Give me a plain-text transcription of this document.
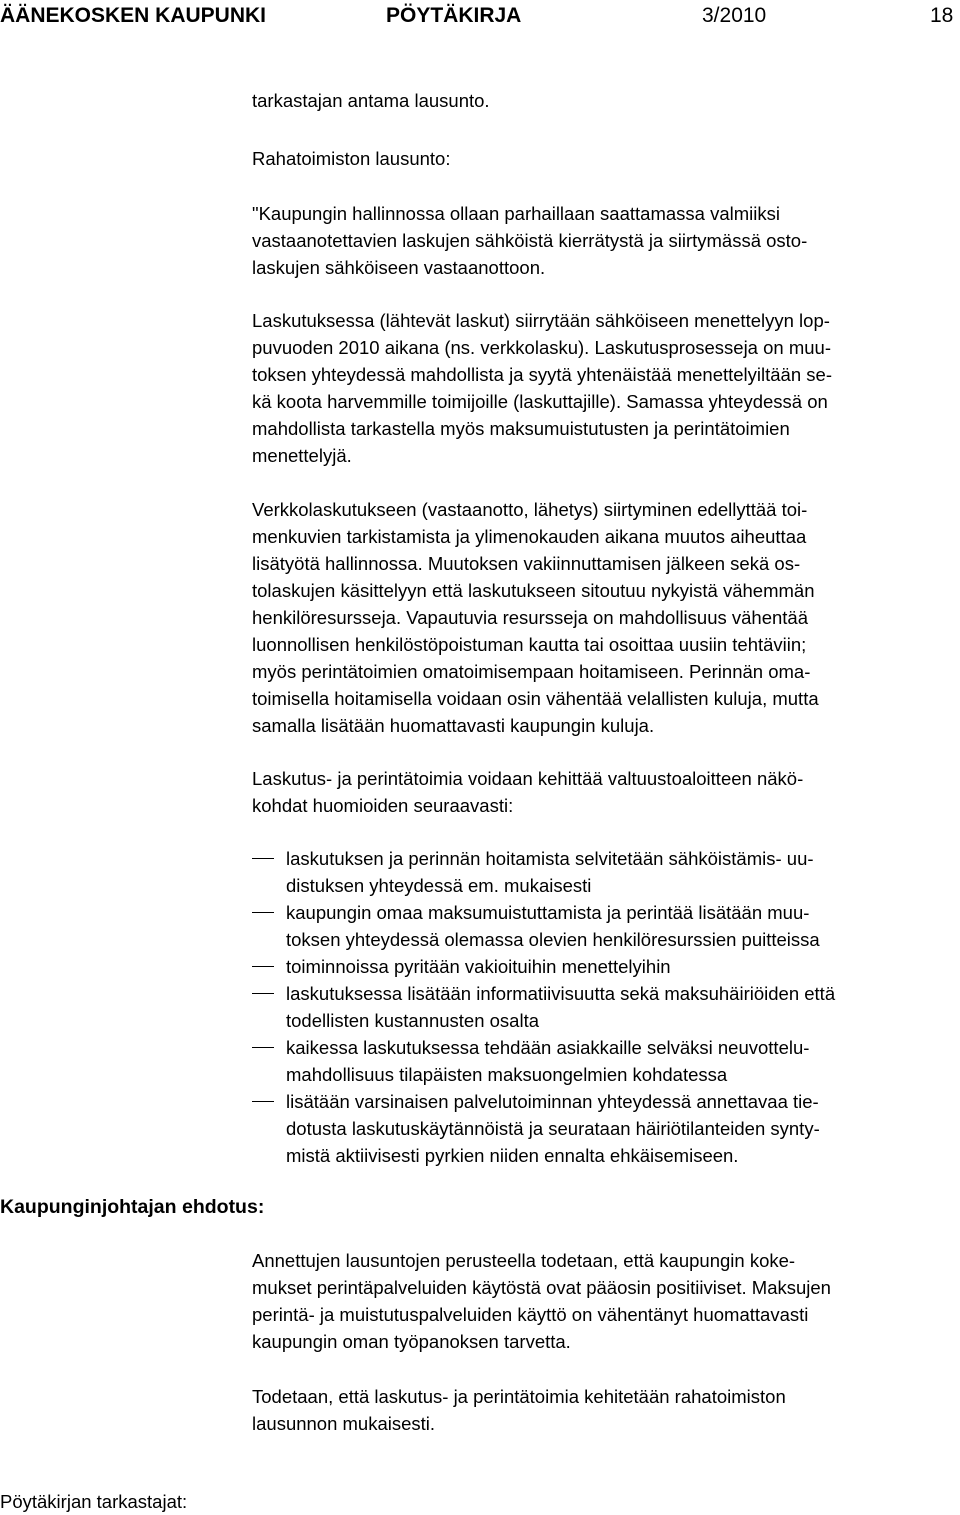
ÄÄNEKOSKEN KAUPUNKI	PÖYTÄKIRJA	3/2010	18

tarkastajan antama lausunto.

Rahatoimiston lausunto:

"Kaupungin hallinnossa ollaan parhaillaan saattamassa valmiiksi
vastaanotettavien laskujen sähköistä kierrätystä ja siirtymässä osto-
laskujen sähköiseen vastaanottoon.

Laskutuksessa (lähtevät laskut) siirrytään sähköiseen menettelyyn lop-
puvuoden 2010 aikana (ns. verkkolasku). Laskutusprosesseja on muu-
toksen yhteydessä mahdollista ja syytä yhtenäistää menettelyiltään se-
kä koota harvemmille toimijoille (laskuttajille). Samassa yhteydessä on
mahdollista tarkastella myös maksumuistutusten ja perintätoimien
menettelyjä.

Verkkolaskutukseen (vastaanotto, lähetys) siirtyminen edellyttää toi-
menkuvien tarkistamista ja ylimenokauden aikana muutos aiheuttaa
lisätyötä hallinnossa. Muutoksen vakiinnuttamisen jälkeen sekä os-
tolaskujen käsittelyyn että laskutukseen sitoutuu nykyistä vähemmän
henkilöresursseja. Vapautuvia resursseja on mahdollisuus vähentää
luonnollisen henkilöstöpoistuman kautta tai osoittaa uusiin tehtäviin;
myös perintätoimien omatoimisempaan hoitamiseen. Perinnän oma-
toimisella hoitamisella voidaan osin vähentää velallisten kuluja, mutta
samalla lisätään huomattavasti kaupungin kuluja.

Laskutus- ja perintätoimia voidaan kehittää valtuustoaloitteen näkö-
kohdat huomioiden seuraavasti:

laskutuksen ja perinnän hoitamista selvitetään sähköistämis- uu-
distuksen yhteydessä em. mukaisesti
kaupungin omaa maksumuistuttamista ja perintää lisätään muu-
toksen yhteydessä olemassa olevien henkilöresurssien puitteissa
toiminnoissa pyritään vakioituihin menettelyihin
laskutuksessa lisätään informatiivisuutta sekä maksuhäiriöiden että
todellisten kustannusten osalta
kaikessa laskutuksessa tehdään asiakkaille selväksi neuvottelu-
mahdollisuus tilapäisten maksuongelmien kohdatessa
lisätään varsinaisen palvelutoiminnan yhteydessä annettavaa tie-
dotusta laskutuskäytännöistä ja seurataan häiriötilanteiden synty-
mistä aktiivisesti pyrkien niiden ennalta ehkäisemiseen.

Annettujen lausuntojen perusteella todetaan, että kaupungin koke-
mukset perintäpalveluiden käytöstä ovat pääosin positiiviset. Maksujen
perintä- ja muistutuspalveluiden käyttö on vähentänyt huomattavasti
kaupungin oman työpanoksen tarvetta.

Todetaan, että laskutus- ja perintätoimia kehitetään rahatoimiston
lausunnon mukaisesti.

Kaupunginjohtajan ehdotus:
Pöytäkirjan tarkastajat:
